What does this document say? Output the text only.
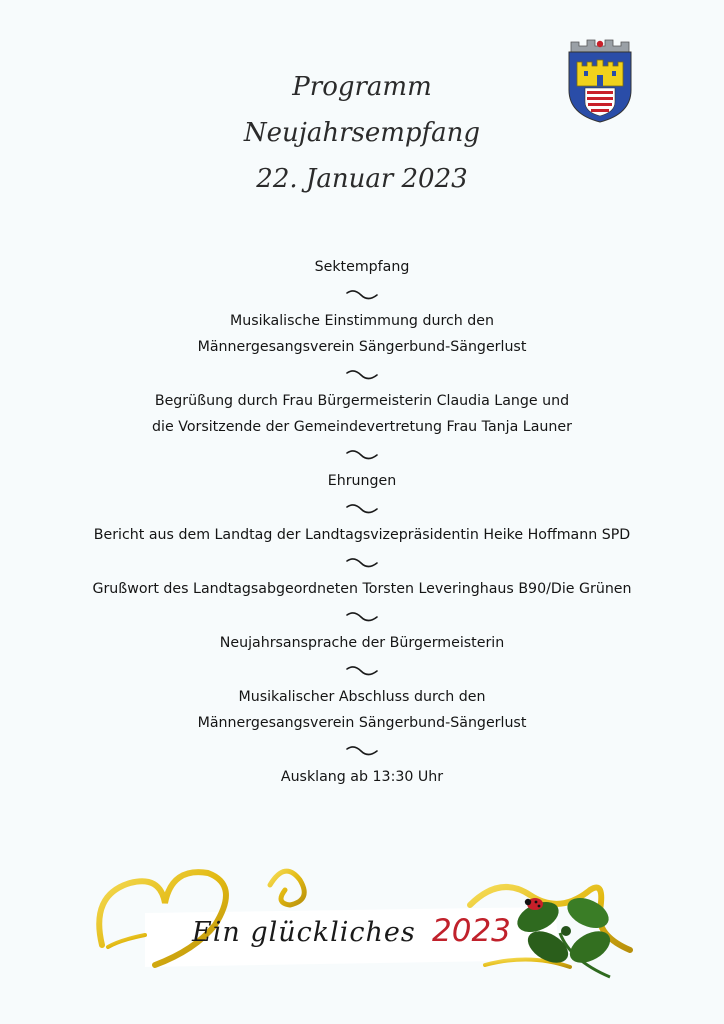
Programm
Neujahrsempfang
22. Januar 2023
Sektempfang
Musikalische Einstimmung durch den
Männergesangsverein Sängerbund-Sängerlust
Begrüßung durch Frau Bürgermeisterin Claudia Lange und
die Vorsitzende der Gemeindevertretung Frau Tanja Launer
Ehrungen
Bericht aus dem Landtag der Landtagsvizepräsidentin Heike Hoffmann SPD
Grußwort des Landtagsabgeordneten Torsten Leveringhaus B90/Die Grünen
Neujahrsansprache der Bürgermeisterin
Musikalischer Abschluss durch den
Männergesangsverein Sängerbund-Sängerlust
Ausklang ab 13:30 Uhr
Ein glückliches 2023
